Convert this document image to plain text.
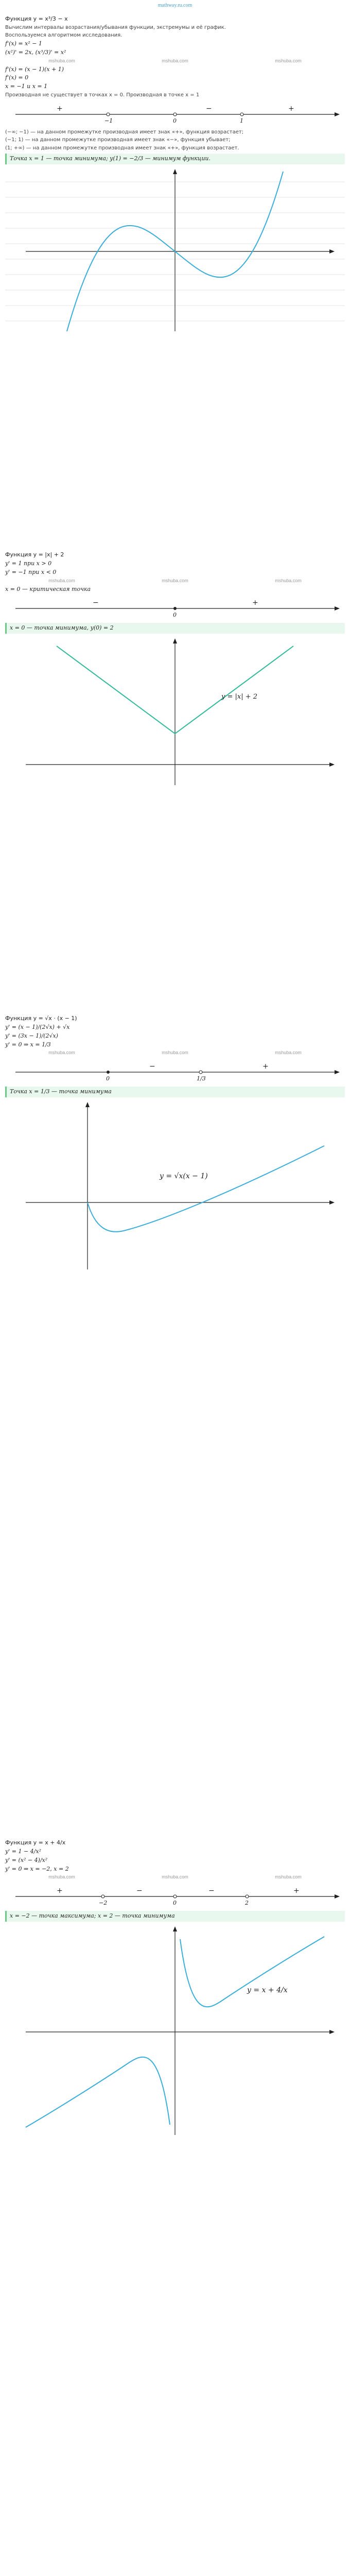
mathway.ru.com
Функция y = x³/3 − x
Вычислим интервалы возрастания/убывания функции, экстремумы и её график.
Воспользуемся алгоритмом исследования.
f'(x) = x² − 1
(x²)' = 2x, (x³/3)' = x²
mshuba.com	mshuba.com	mshuba.com
f'(x) = (x − 1)(x + 1)
f'(x) = 0
x = −1 и x = 1
Производная не существует в точках x = 0. Производная в точке x = 1
+	−	+
−1	0	1
(−∞; −1) — на данном промежутке производная имеет знак «+», функция возрастает;
(−1; 1) — на данном промежутке производная имеет знак «−», функция убывает;
(1; +∞) — на данном промежутке производная имеет знак «+», функция возрастает.
Точка x = 1 — точка минимума; y(1) = −2/3 — минимум функции.
Функция y = |x| + 2
y' = 1 при x > 0
y' = −1 при x < 0
mshuba.com	mshuba.com	mshuba.com
x = 0 — критическая точка
−	+
0
x = 0 — точка минимума, y(0) = 2
y = |x| + 2
Функция y = √x · (x − 1)
y' = (x − 1)/(2√x) + √x
y' = (3x − 1)/(2√x)
y' = 0 ⇒ x = 1/3
mshuba.com	mshuba.com	mshuba.com
−	+
0	1/3
Точка x = 1/3 — точка минимума
y = √x(x − 1)
Функция y = x + 4/x
y' = 1 − 4/x²
y' = (x² − 4)/x²
y' = 0 ⇒ x = −2, x = 2
mshuba.com	mshuba.com	mshuba.com
+	−	−	+
−2	0	2
x = −2 — точка максимума; x = 2 — точка минимума
y = x + 4/x
